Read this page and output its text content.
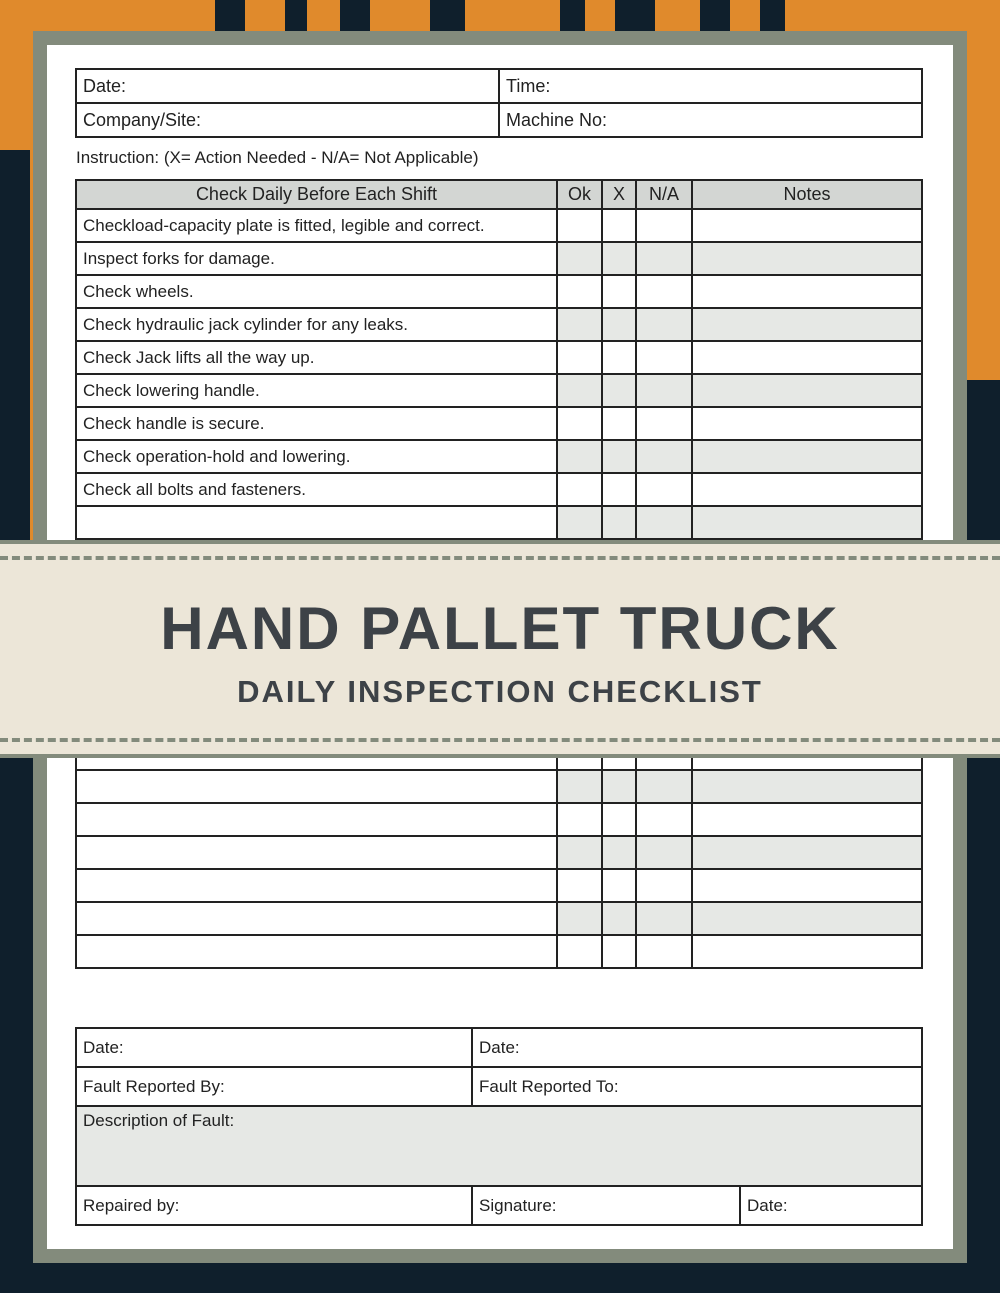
Date:	Time:
Company/Site:	Machine No:
Instruction: (X= Action Needed - N/A= Not Applicable)
Check Daily Before Each Shift	Ok	X	N/A	Notes
Checkload-capacity plate is fitted, legible and correct.				
Inspect forks for damage.				
Check wheels.				
Check hydraulic jack cylinder for any leaks.				
Check Jack lifts all the way up.				
Check lowering handle.				
Check handle is secure.				
Check operation-hold and lowering.				
Check all bolts and fasteners.				

Date:	Date:	
Fault Reported By:	Fault Reported To:	
Description of Fault:		
Repaired by:	Signature:	Date:
HAND PALLET TRUCK
DAILY INSPECTION CHECKLIST
